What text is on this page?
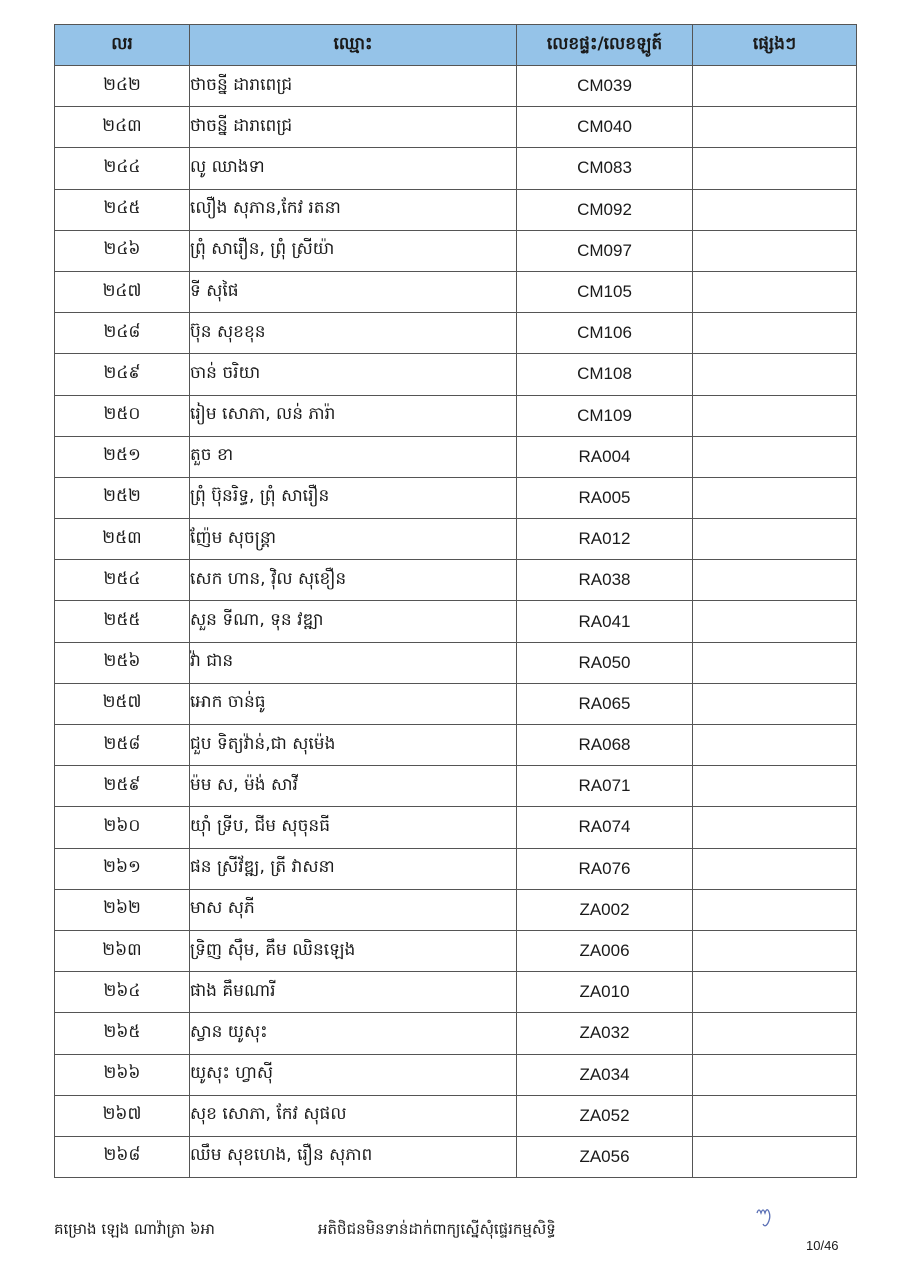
លរ	ឈ្មោះ	លេខផ្ទះ/លេខឡូត៍	ផ្សេងៗ
២៤២	ថាចន្នី ដារាពេជ្រ	CM039	
២៤៣	ថាចន្នី ដារាពេជ្រ	CM040	
២៤៤	លូ ឈាងទា	CM083	
២៤៥	លឿង សុភាន,កែវ រតនា	CM092	
២៤៦	ព្រុំ សារឿន, ព្រុំ ស្រីយ៉ា	CM097	
២៤៧	ទី សុផៃ	CM105	
២៤៨	ប៊ុន សុខខុន	CM106	
២៤៩	ចាន់ ចរិយា	CM108	
២៥០	រៀម សោភា, លន់ ភារ៉ា	CM109	
២៥១	តួច ខា	RA004	
២៥២	ព្រុំ ប៊ុនរិទ្ធ, ព្រុំ សារឿន	RA005	
២៥៣	ញ៉ែម សុចន្ត្រា	RA012	
២៥៤	សេក ហាន, វ៉ិល សុខឿន	RA038	
២៥៥	សួន ទីណា, ទុន វឌ្ឍា	RA041	
២៥៦	វ៉ា ជាន	RA050	
២៥៧	អោក ចាន់ធូ	RA065	
២៥៨	ជួប ទិត្យវ៉ាន់,ជា សុម៉េង	RA068	
២៥៩	ម៉ម ស, ម៉ង់ សាវី	RA071	
២៦០	យ៉ាំ ទ្រីប, ជីម សុចុនធី	RA074	
២៦១	ផន ស្រីវ័ឌ្ឍ, ត្រី វាសនា	RA076	
២៦២	មាស សុភី	ZA002	
២៦៣	ទ្រិញ ស៊ឹម, គឹម ឈិនឡេង	ZA006	
២៦៤	ផាង គឹមណារី	ZA010	
២៦៥	ស្វាន យូសុះ	ZA032	
២៦៦	យូសុះ ហ្វាស៊ី	ZA034	
២៦៧	សុខ សោភា, កែវ សុផល	ZA052	
២៦៨	ឈឹម សុខហេង, រឿន សុភាព	ZA056	
គម្រោង ឡេង ណាវ៉ាត្រា ៦អា	អតិថិជនមិនទាន់ដាក់ពាក្យស្នើសុំផ្ទេរកម្មសិទ្ធិ
10/46
